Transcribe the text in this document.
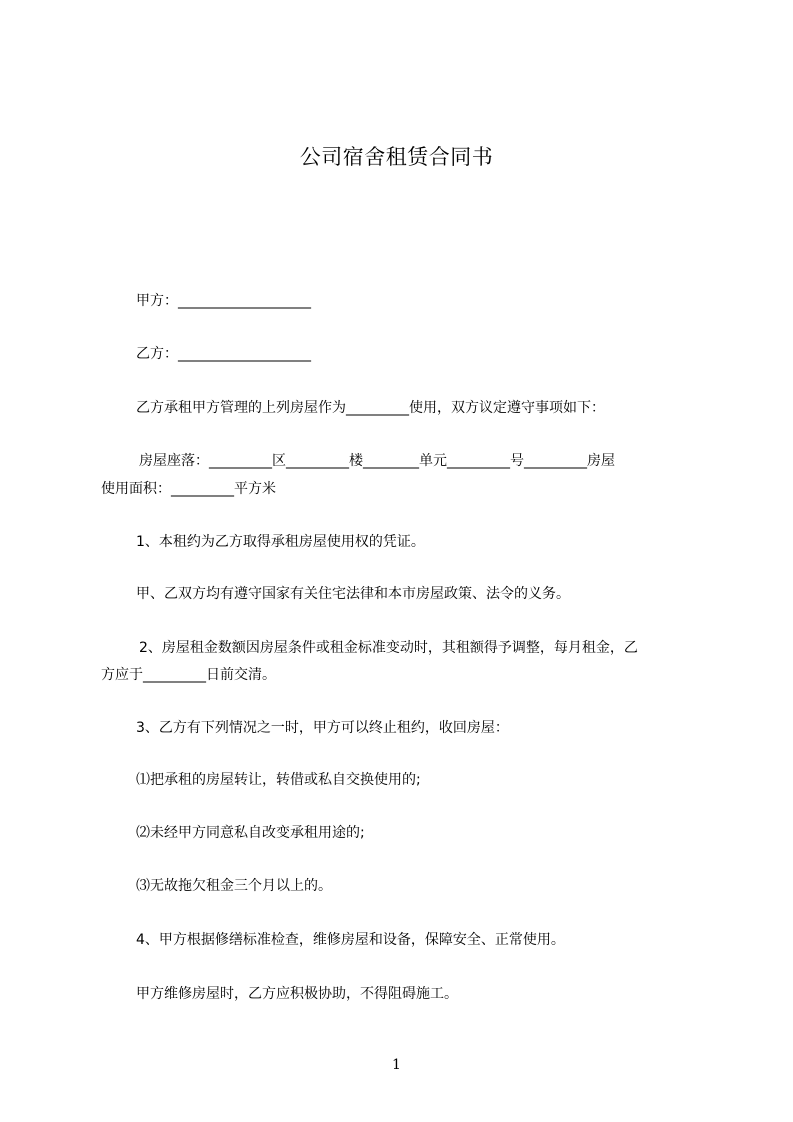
公司宿舍租赁合同书
甲方：___________________
乙方：___________________
乙方承租甲方管理的上列房屋作为_________使用，双方议定遵守事项如下：
房屋座落：_________区_________楼________单元_________号_________房屋
使用面积：_________平方米
1、本租约为乙方取得承租房屋使用权的凭证。
甲、乙双方均有遵守国家有关住宅法律和本市房屋政策、法令的义务。
2、房屋租金数额因房屋条件或租金标准变动时，其租额得予调整，每月租金，乙
方应于_________日前交清。
3、乙方有下列情况之一时，甲方可以终止租约，收回房屋：
⑴把承租的房屋转让，转借或私自交换使用的;
⑵未经甲方同意私自改变承租用途的;
⑶无故拖欠租金三个月以上的。
4、甲方根据修缮标准检查，维修房屋和设备，保障安全、正常使用。
甲方维修房屋时，乙方应积极协助，不得阻碍施工。
1
